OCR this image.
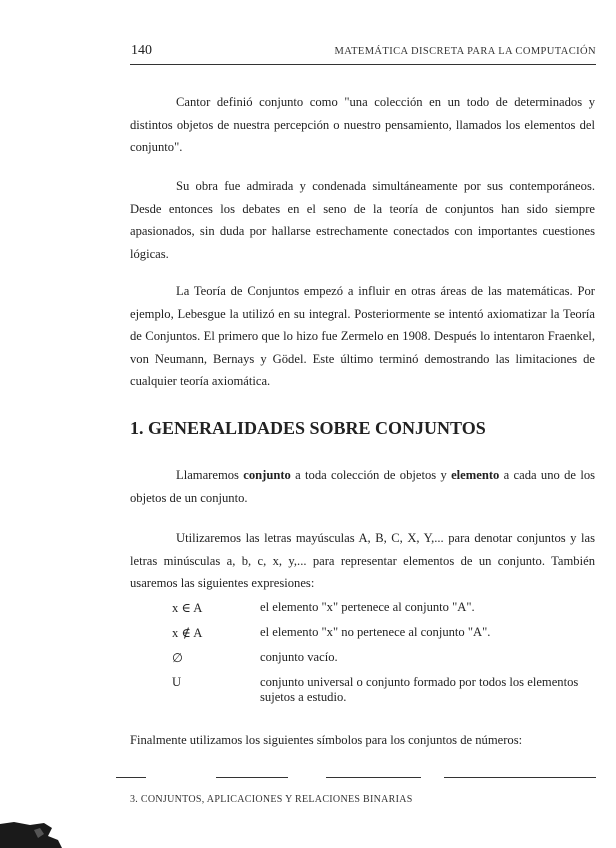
140	MATEMÁTICA DISCRETA PARA LA COMPUTACIÓN

Cantor definió conjunto como "una colección en un todo de determinados y distintos objetos de nuestra percepción o nuestro pensamiento, llamados los elementos del conjunto".

Su obra fue admirada y condenada simultáneamente por sus contemporáneos. Desde entonces los debates en el seno de la teoría de conjuntos han sido siempre apasionados, sin duda por hallarse estrechamente conectados con importantes cuestiones lógicas.

La Teoría de Conjuntos empezó a influir en otras áreas de las matemáticas. Por ejemplo, Lebesgue la utilizó en su integral. Posteriormente se intentó axiomatizar la Teoría de Conjuntos. El primero que lo hizo fue Zermelo en 1908. Después lo intentaron Fraenkel, von Neumann, Bernays y Gödel. Este último terminó demostrando las limitaciones de cualquier teoría axiomática.

1. GENERALIDADES SOBRE CONJUNTOS

Llamaremos conjunto a toda colección de objetos y elemento a cada uno de los objetos de un conjunto.

Utilizaremos las letras mayúsculas A, B, C, X, Y,... para denotar conjuntos y las letras minúsculas a, b, c, x, y,... para representar elementos de un conjunto. También usaremos las siguientes expresiones:

x ∈ A	el elemento "x" pertenece al conjunto "A".
x ∉ A	el elemento "x" no pertenece al conjunto "A".
∅	conjunto vacío.
U	conjunto universal o conjunto formado por todos los elementos sujetos a estudio.

Finalmente utilizamos los siguientes símbolos para los conjuntos de números:

3. CONJUNTOS, APLICACIONES Y RELACIONES BINARIAS
